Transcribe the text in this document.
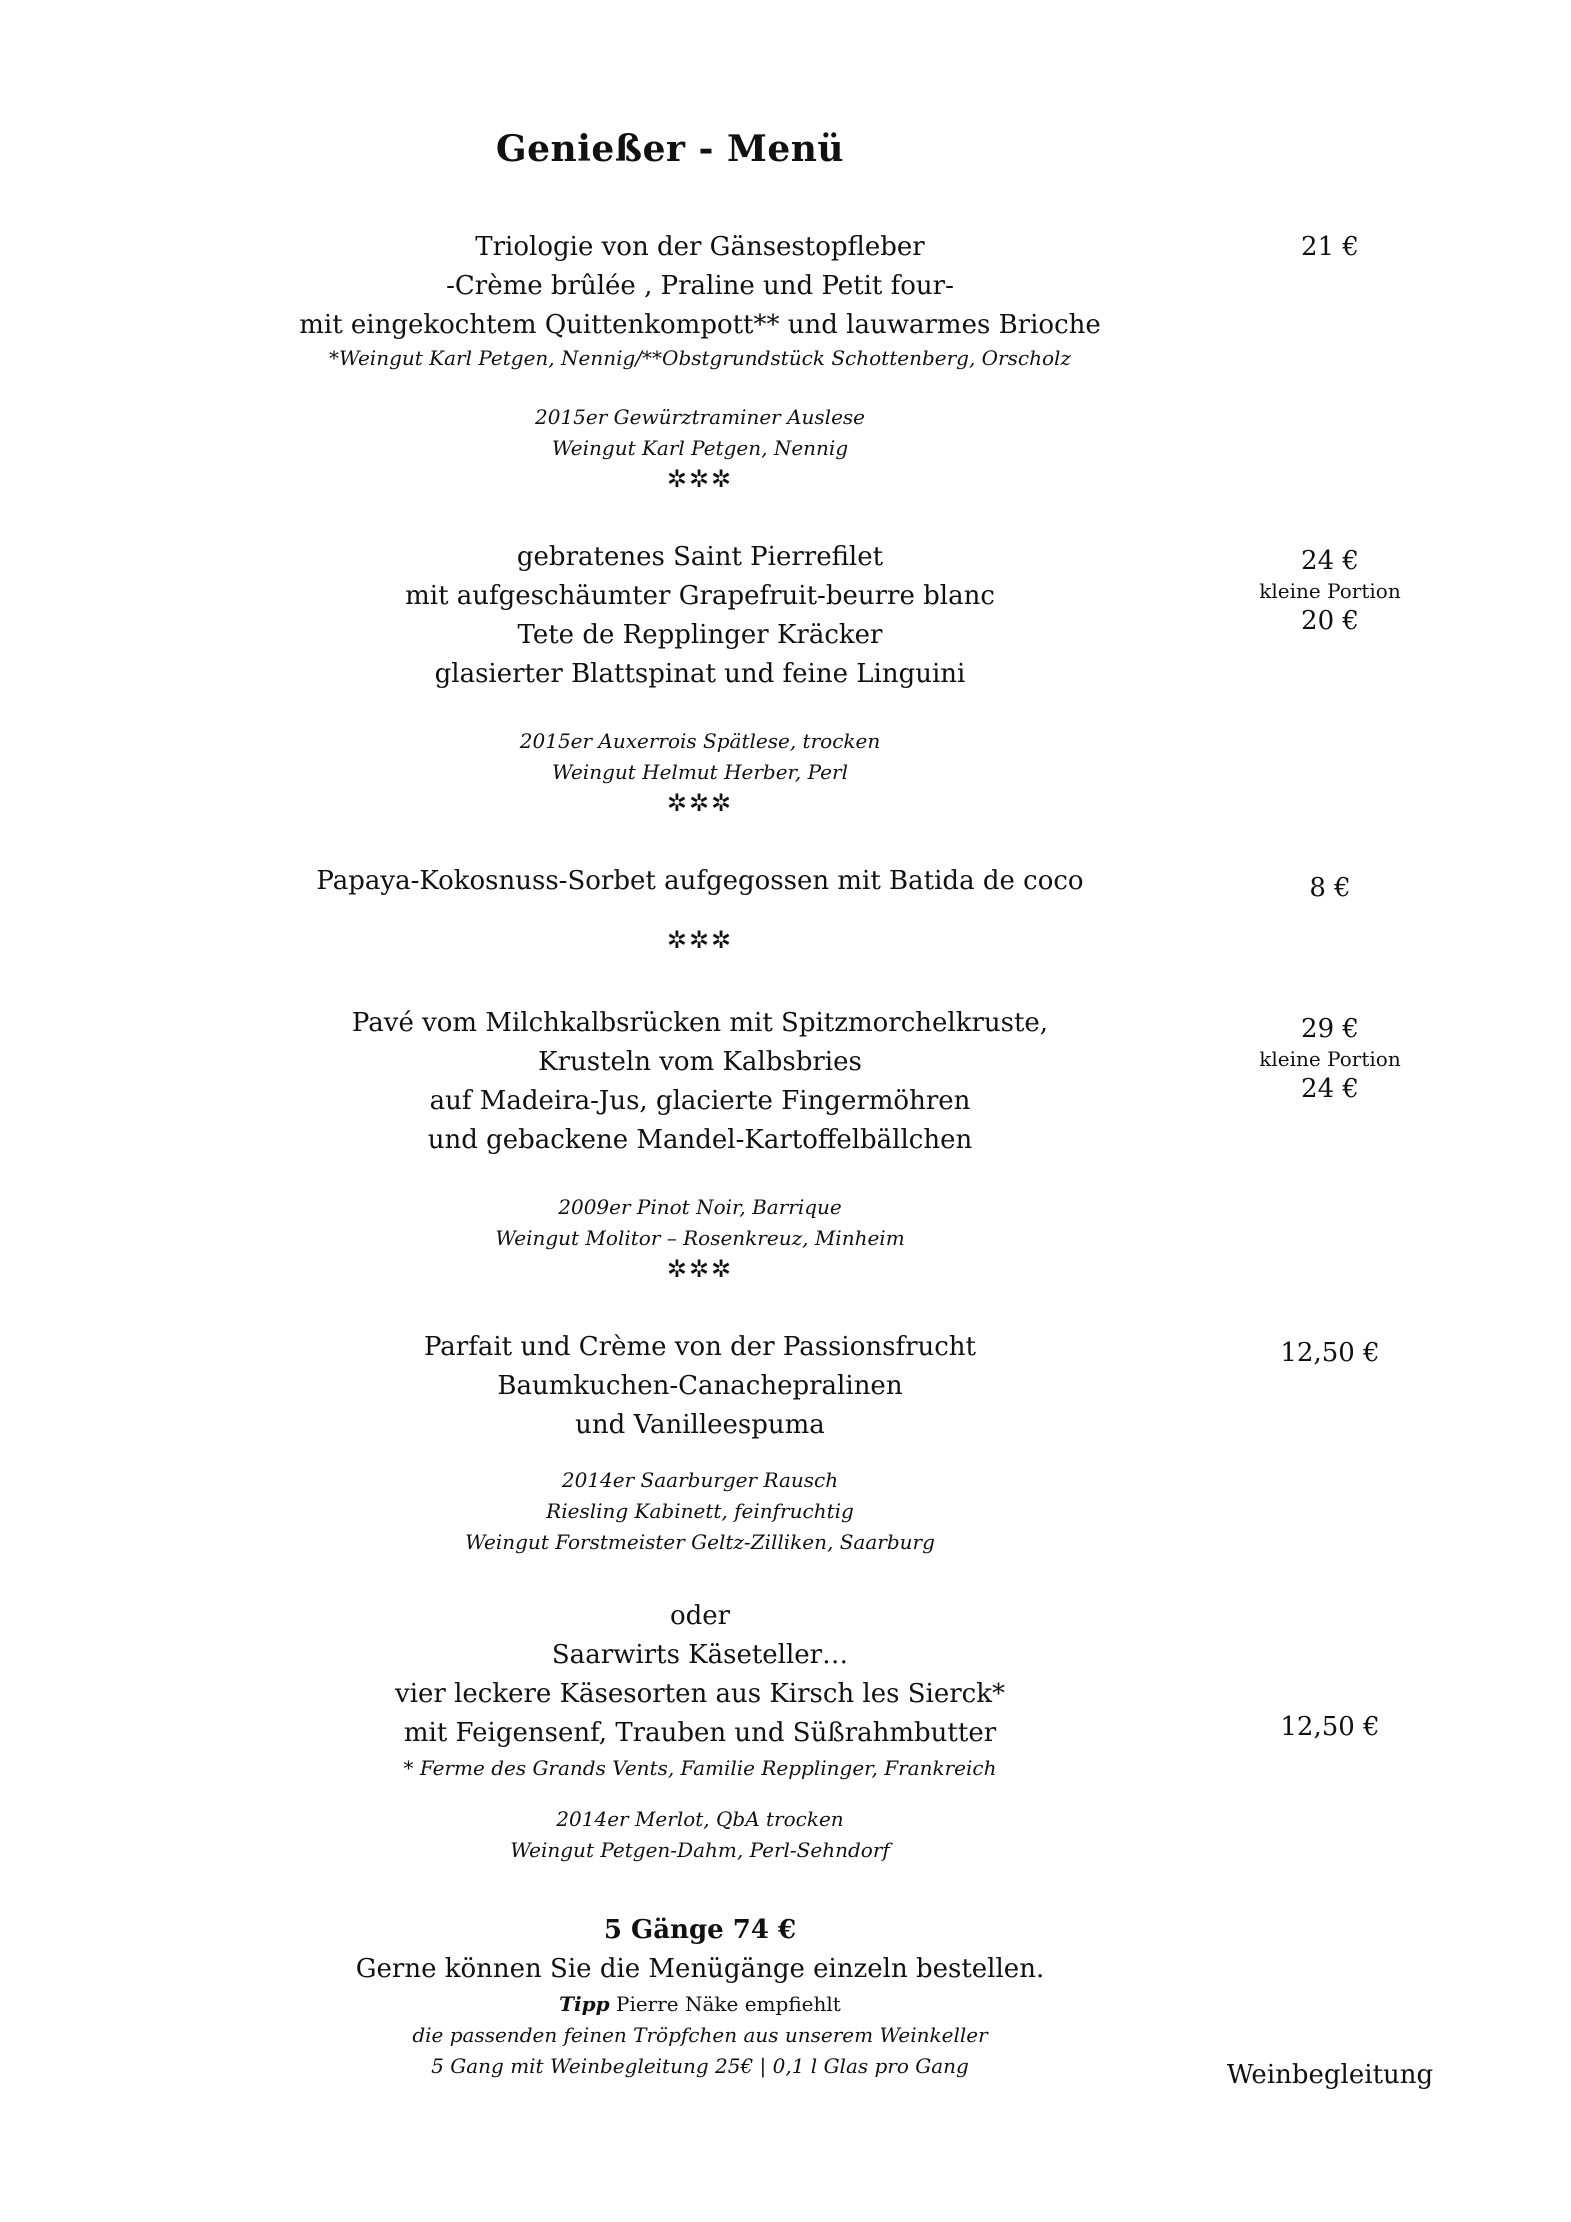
Genießer - Menü
Triologie von der Gänsestopfleber
-Crème brûlée , Praline und Petit four-
mit eingekochtem Quittenkompott** und lauwarmes Brioche
*Weingut Karl Petgen, Nennig/**Obstgrundstück Schottenberg, Orscholz
2015er Gewürztraminer Auslese
Weingut Karl Petgen, Nennig
✲✲✲
21 €
gebratenes Saint Pierrefilet
mit aufgeschäumter Grapefruit-beurre blanc
Tete de Repplinger Kräcker
glasierter Blattspinat und feine Linguini
2015er Auxerrois Spätlese, trocken
Weingut Helmut Herber, Perl
✲✲✲
24 €
kleine Portion
20 €
Papaya-Kokosnuss-Sorbet aufgegossen mit Batida de coco
✲✲✲
8 €
Pavé vom Milchkalbsrücken mit Spitzmorchelkruste,
Krusteln vom Kalbsbries
auf Madeira-Jus, glacierte Fingermöhren
und gebackene Mandel-Kartoffelbällchen
2009er Pinot Noir, Barrique
Weingut Molitor – Rosenkreuz, Minheim
✲✲✲
29 €
kleine Portion
24 €
Parfait und Crème von der Passionsfrucht
Baumkuchen-Canachepralinen
und Vanilleespuma
2014er Saarburger Rausch
Riesling Kabinett, feinfruchtig
Weingut Forstmeister Geltz-Zilliken, Saarburg
12,50 €
oder
Saarwirts Käseteller…
vier leckere Käsesorten aus Kirsch les Sierck*
mit Feigensenf, Trauben und Süßrahmbutter
* Ferme des Grands Vents, Familie Repplinger, Frankreich
2014er Merlot, QbA trocken
Weingut Petgen-Dahm, Perl-Sehndorf
12,50 €
5 Gänge 74 €
Gerne können Sie die Menügänge einzeln bestellen.
Tipp Pierre Näke empfiehlt
die passenden feinen Tröpfchen aus unserem Weinkeller
5 Gang mit Weinbegleitung 25€ | 0,1 l Glas pro Gang	Weinbegleitung
